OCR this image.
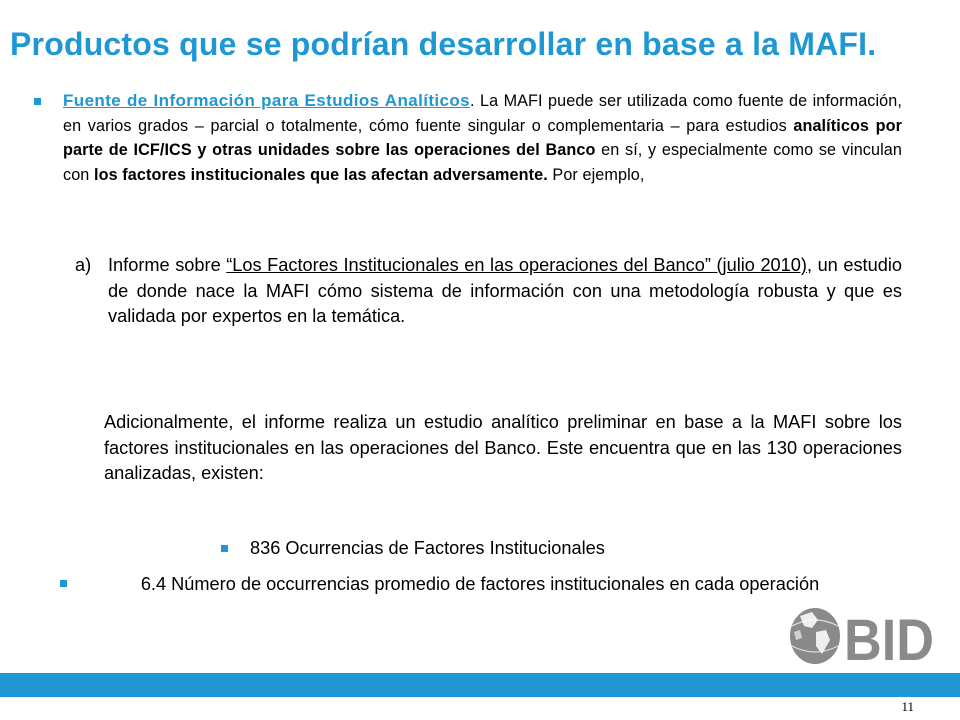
Productos que se podrían desarrollar en base a la MAFI.
Fuente de Información para Estudios Analíticos. La MAFI puede ser utilizada como fuente de información, en varios grados – parcial o totalmente, cómo fuente singular o complementaria – para estudios analíticos por parte de ICF/ICS y otras unidades sobre las operaciones del Banco en sí, y especialmente como se vinculan con los factores institucionales que las afectan adversamente. Por ejemplo,
a) Informe sobre “Los Factores Institucionales en las operaciones del Banco” (julio 2010), un estudio de donde nace la MAFI cómo sistema de información con una metodología robusta y que es validada por expertos en la temática.
Adicionalmente, el informe realiza un estudio analítico preliminar en base a la MAFI sobre los factores institucionales en las operaciones del Banco. Este encuentra que en las 130 operaciones analizadas, existen:
836 Ocurrencias de Factores Institucionales
6.4 Número de occurrencias promedio de factores institucionales en cada operación
BID
11
